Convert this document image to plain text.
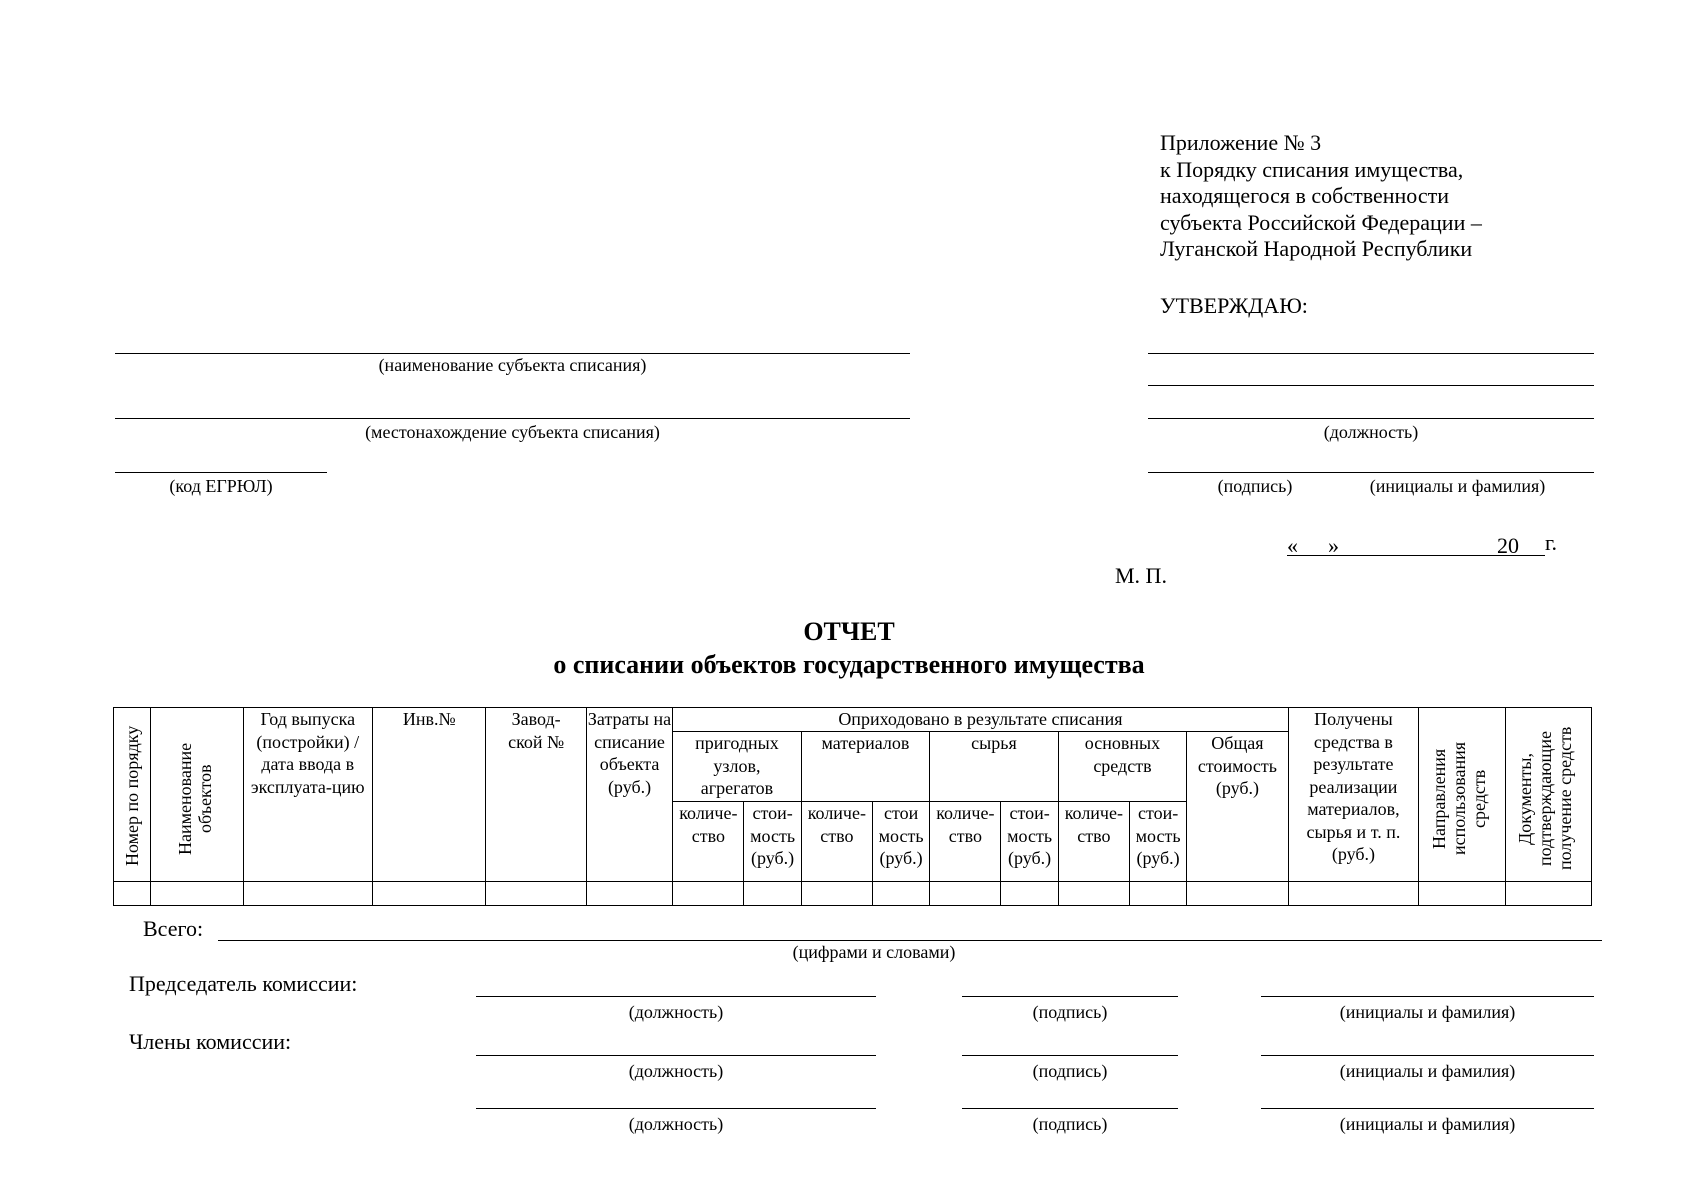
Приложение № 3
к Порядку списания имущества,
находящегося в собственности
субъекта Российской Федерации –
Луганской Народной Республики
УТВЕРЖДАЮ:
(наименование субъекта списания)
(местонахождение субъекта списания)
(код ЕГРЮЛ)
(должность)
(подпись)	(инициалы и фамилия)
« »	20 г.
М. П.
ОТЧЕТ
о списании объектов государственного имущества
Номер по порядку	Наименование объектов	Год выпуска (постройки) / дата ввода в эксплуата-цию	Инв.№	Завод-ской №	Затраты на списание объекта (руб.)	Оприходовано в результате списания									Получены средства в результате реализации материалов, сырья и т. п. (руб.)	Направления использования средств	Документы, подтверждающие получение средств

						пригодных узлов, агрегатов		материалов		сырья		основных средств		Общая стоимость (руб.)			
						количе-ство	стои-мость (руб.)	количе-ство	стои мость (руб.)	количе-ство	стои-мость (руб.)	количе-ство	стои-мость (руб.)				

Всего:
(цифрами и словами)
Председатель комиссии:
(должность)	(подпись)	(инициалы и фамилия)
Члены комиссии:
(должность)	(подпись)	(инициалы и фамилия)
(должность)	(подпись)	(инициалы и фамилия)
